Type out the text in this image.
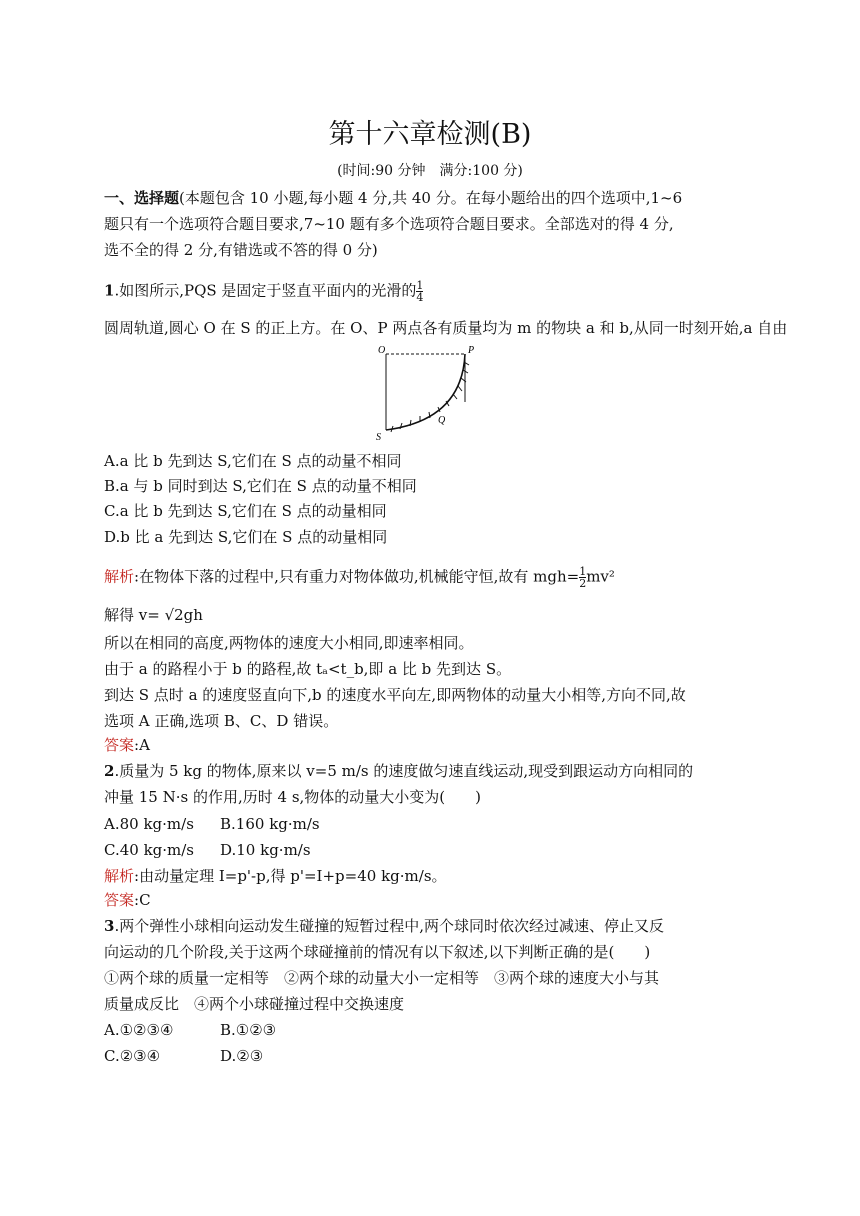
第十六章检测(B)
(时间:90 分钟　满分:100 分)
一、选择题(本题包含 10 小题,每小题 4 分,共 40 分。在每小题给出的四个选项中,1~6
题只有一个选项符合题目要求,7~10 题有多个选项符合题目要求。全部选对的得 4 分,
选不全的得 2 分,有错选或不答的得 0 分)
1.如图所示,PQS 是固定于竖直平面内的光滑的 $\frac{1}{4}$
圆周轨道,圆心 O 在 S 的正上方。在 O、P 两点各有质量均为 m 的物块 a 和 b,从同一时刻开始,a 自由
O	P
Q
S
A.a 比 b 先到达 S,它们在 S 点的动量不相同
B.a 与 b 同时到达 S,它们在 S 点的动量不相同
C.a 比 b 先到达 S,它们在 S 点的动量相同
D.b 比 a 先到达 S,它们在 S 点的动量相同
解析:在物体下落的过程中,只有重力对物体做功,机械能守恒,故有 $mgh= \frac{1}{2} mv^2$
解得 v= √2gh
所以在相同的高度,两物体的速度大小相同,即速率相同。
由于 a 的路程小于 b 的路程,故 tₐ<t_b,即 a 比 b 先到达 S。
到达 S 点时 a 的速度竖直向下,b 的速度水平向左,即两物体的动量大小相等,方向不同,故
选项 A 正确,选项 B、C、D 错误。
答案:A
2.质量为 5 kg 的物体,原来以 v=5 m/s 的速度做匀速直线运动,现受到跟运动方向相同的
冲量 15 N·s 的作用,历时 4 s,物体的动量大小变为(　　)
A.80 kg·m/s B.160 kg·m/s
C.40 kg·m/s D.10 kg·m/s
解析:由动量定理 I=p'-p,得 p'=I+p=40 kg·m/s。
答案:C
3.两个弹性小球相向运动发生碰撞的短暂过程中,两个球同时依次经过减速、停止又反
向运动的几个阶段,关于这两个球碰撞前的情况有以下叙述,以下判断正确的是(　　)
①两个球的质量一定相等　②两个球的动量大小一定相等　③两个球的速度大小与其
质量成反比　④两个小球碰撞过程中交换速度
A.①②③④	B.①②③
C.②③④	D.②③
